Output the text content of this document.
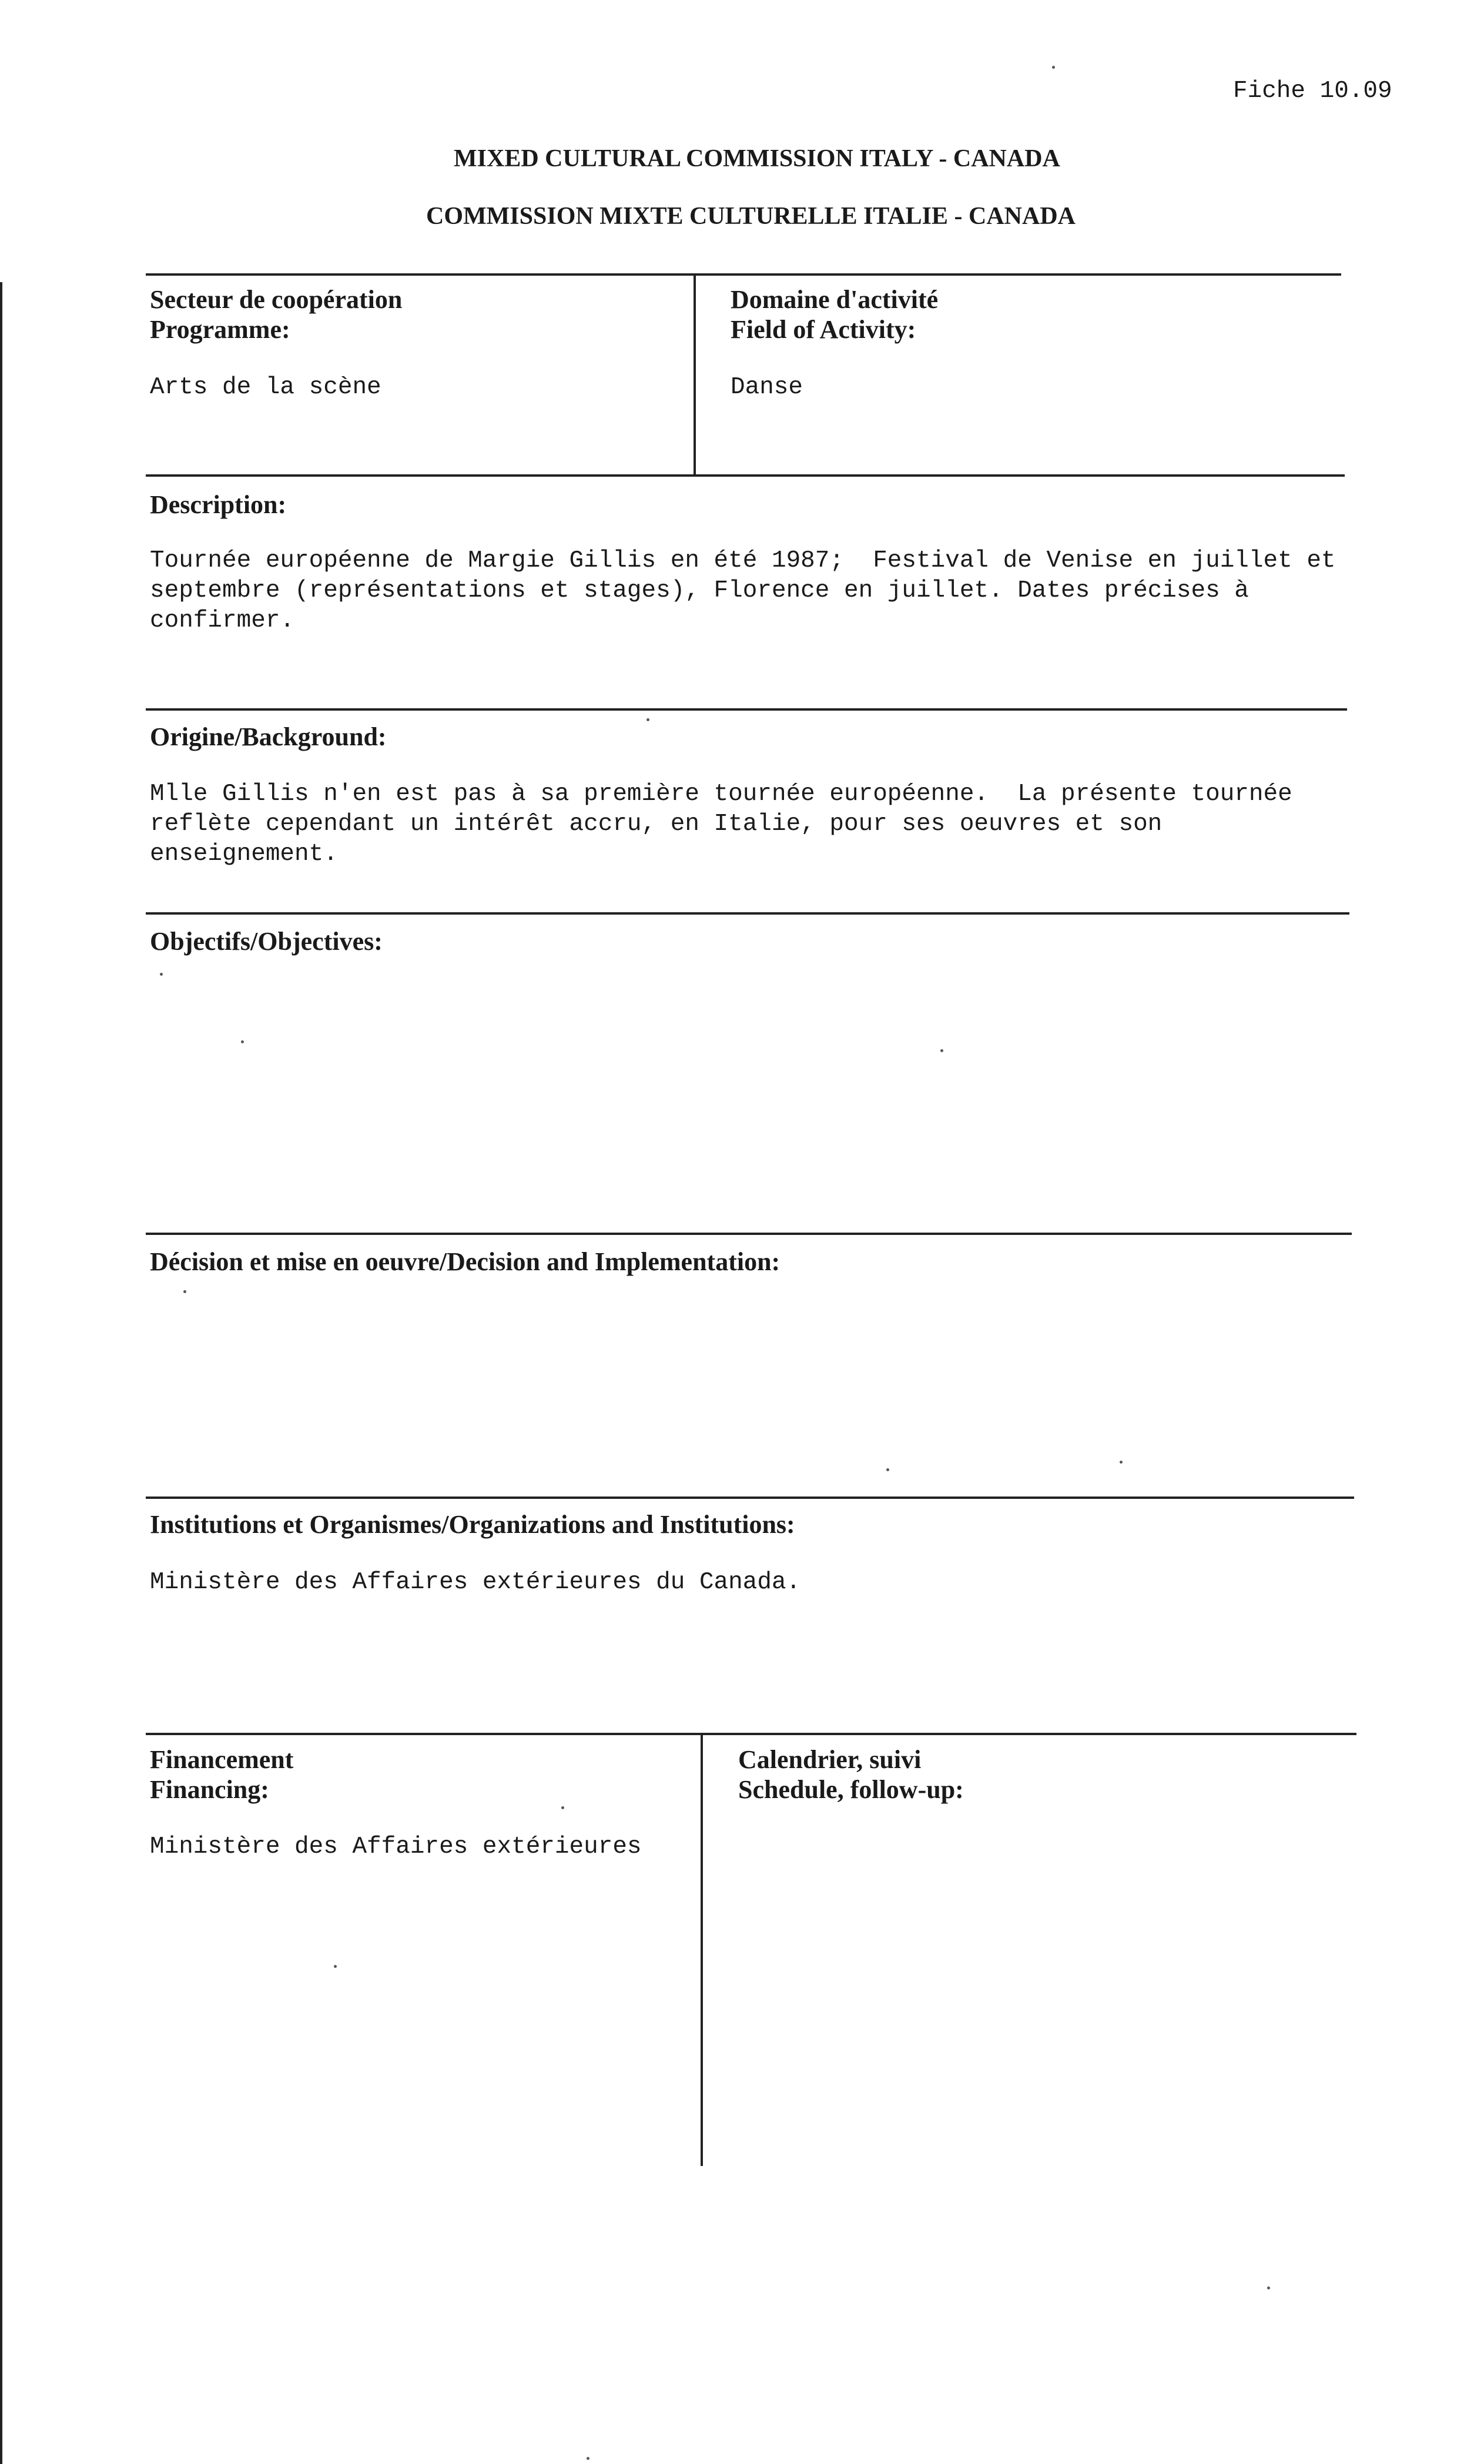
Fiche 10.09

MIXED CULTURAL COMMISSION ITALY - CANADA

COMMISSION MIXTE CULTURELLE ITALIE - CANADA

Secteur de coopération

Programme:

Arts de la scène

Domaine d'activité

Field of Activity:

Danse

Description:

Tournée européenne de Margie Gillis en été 1987;  Festival de Venise en juillet et
septembre (représentations et stages), Florence en juillet. Dates précises à
confirmer.

Origine/Background:

Mlle Gillis n'en est pas à sa première tournée européenne.  La présente tournée
reflète cependant un intérêt accru, en Italie, pour ses oeuvres et son
enseignement.

Objectifs/Objectives:

Décision et mise en oeuvre/Decision and Implementation:

Institutions et Organismes/Organizations and Institutions:

Ministère des Affaires extérieures du Canada.

Financement

Financing:

Ministère des Affaires extérieures

Calendrier, suivi

Schedule, follow-up:
